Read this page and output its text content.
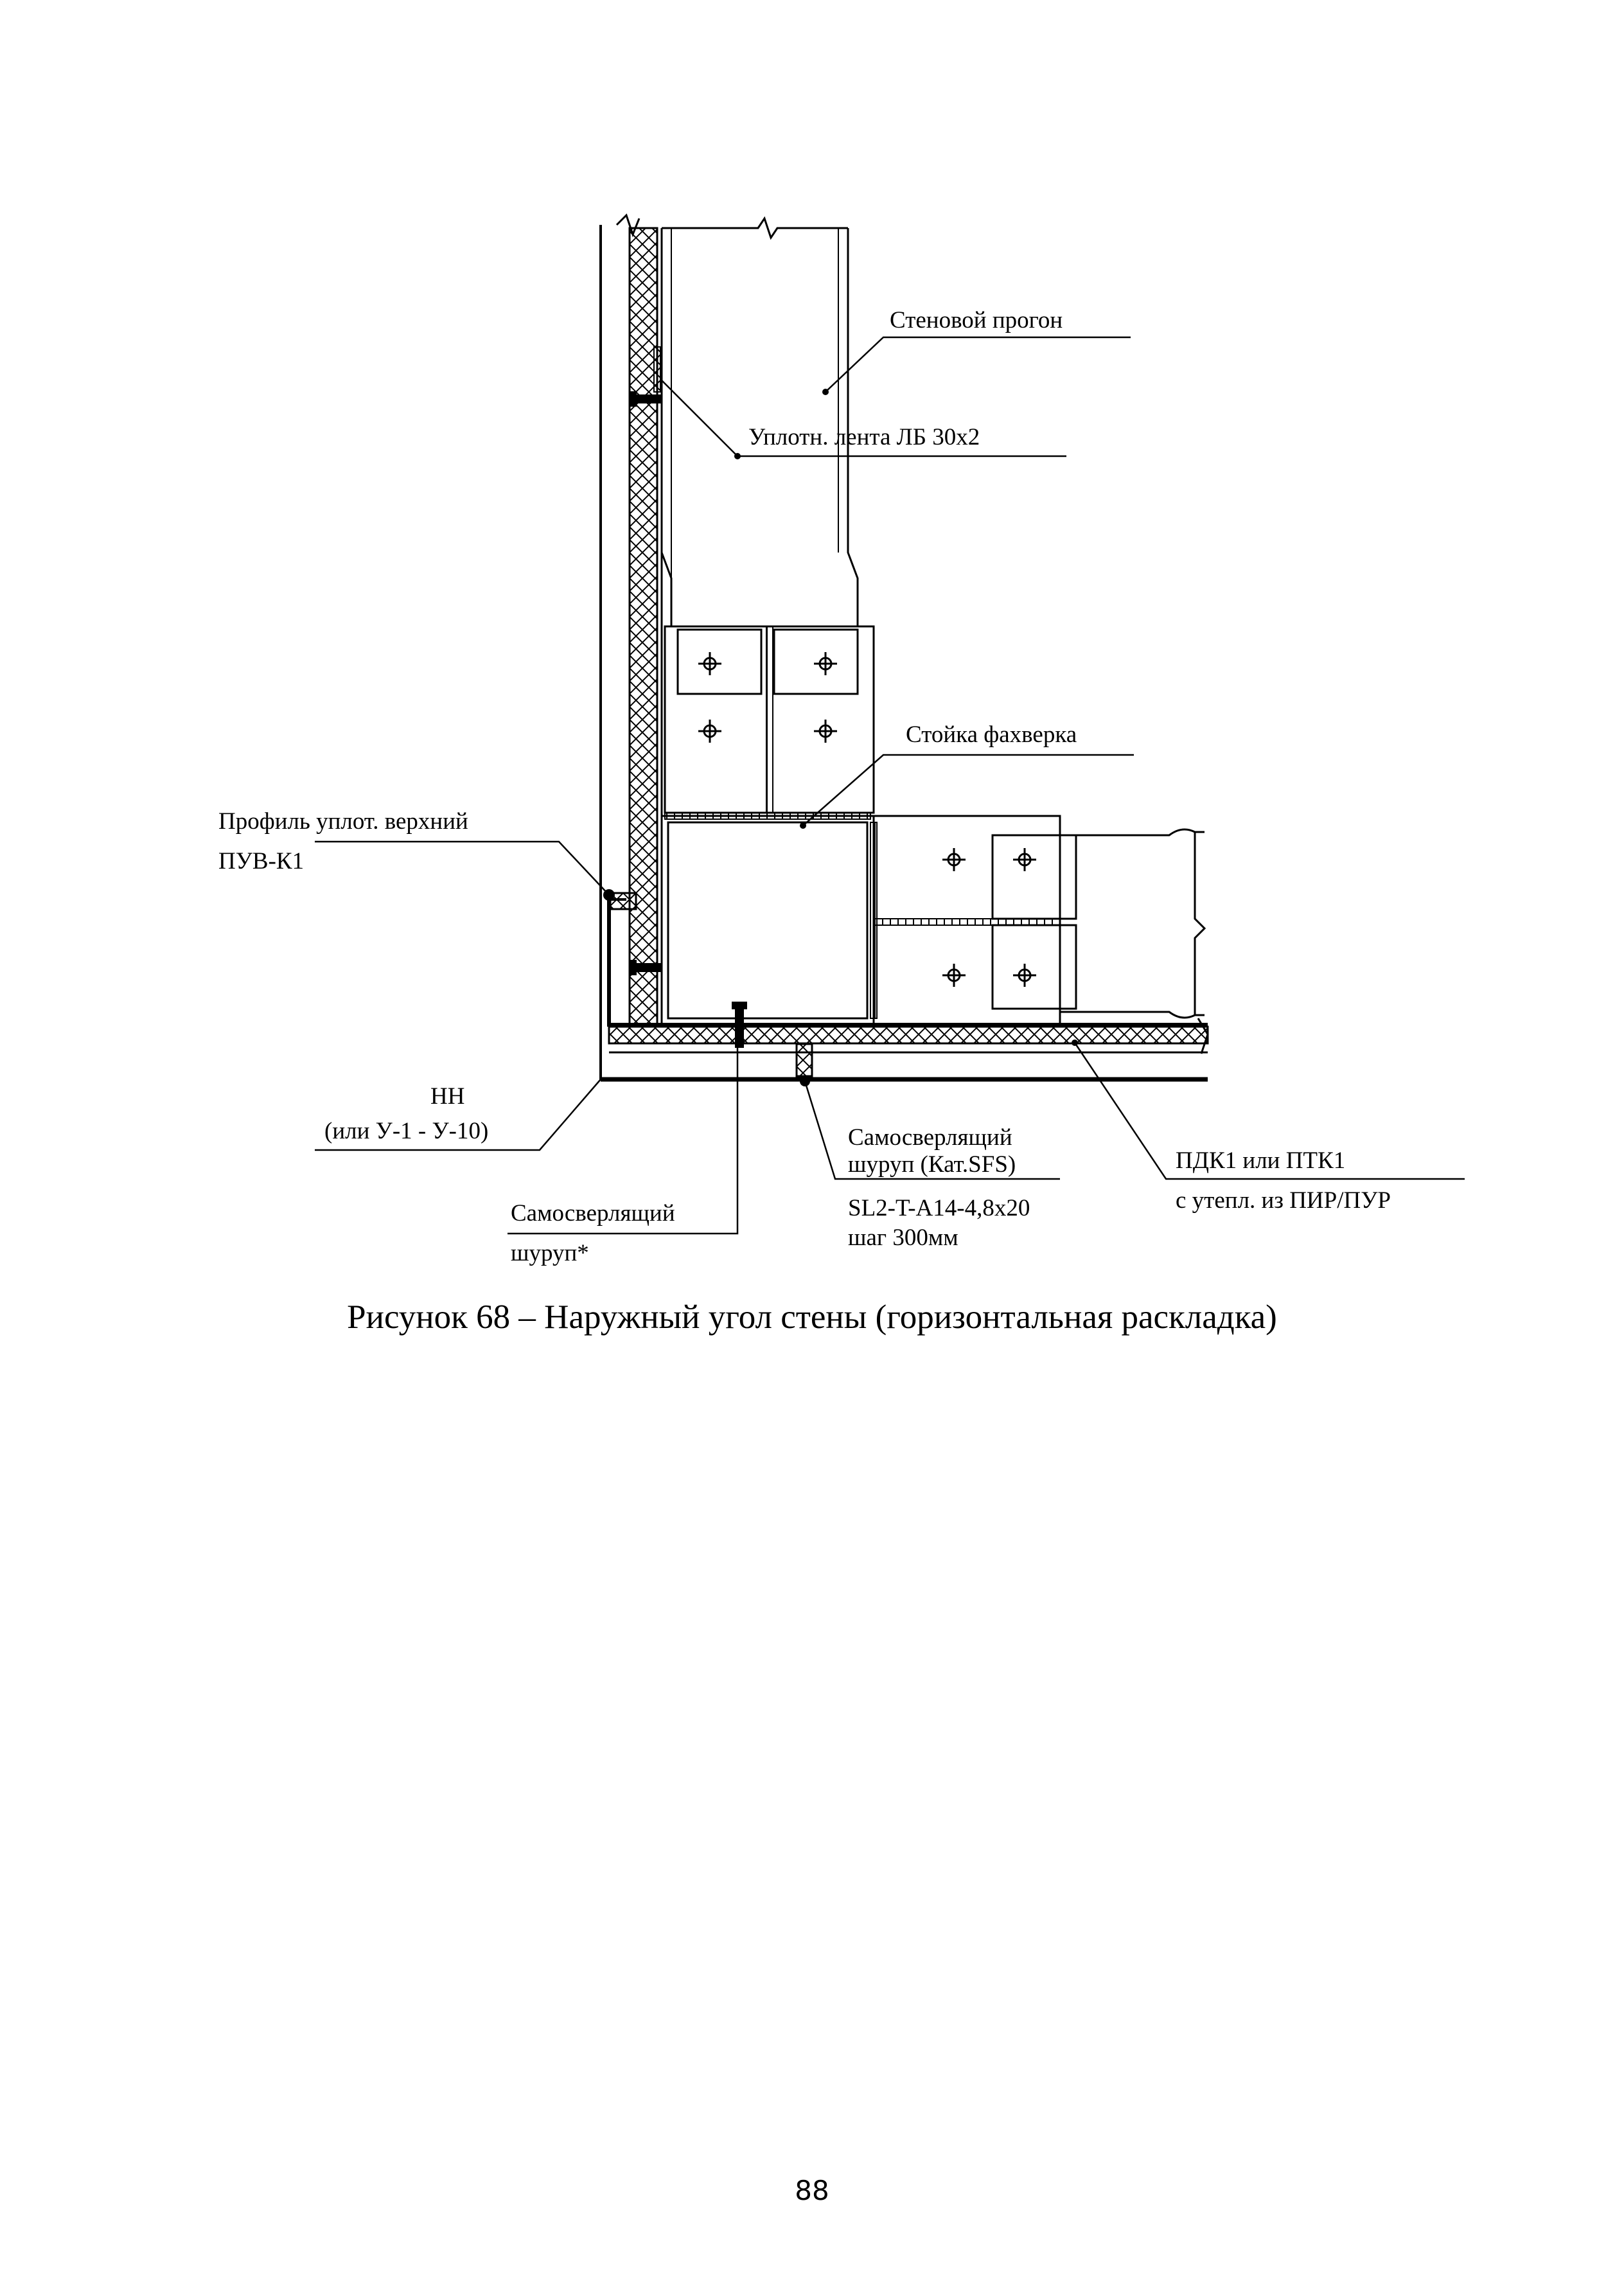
Стеновой прогон
Уплотн. лента ЛБ 30х2
Стойка фахверка
Профиль уплот. верхний
ПУВ-К1
НН
(или У-1 - У-10)	Самосверлящий
шуруп (Кат.SFS)
SL2-T-A14-4,8х20
шаг 300мм
ПДК1 или ПТК1
с утепл. из ПИР/ПУР
Самосверлящий
шуруп*
Рисунок 68 – Наружный угол стены (горизонтальная раскладка)
88
